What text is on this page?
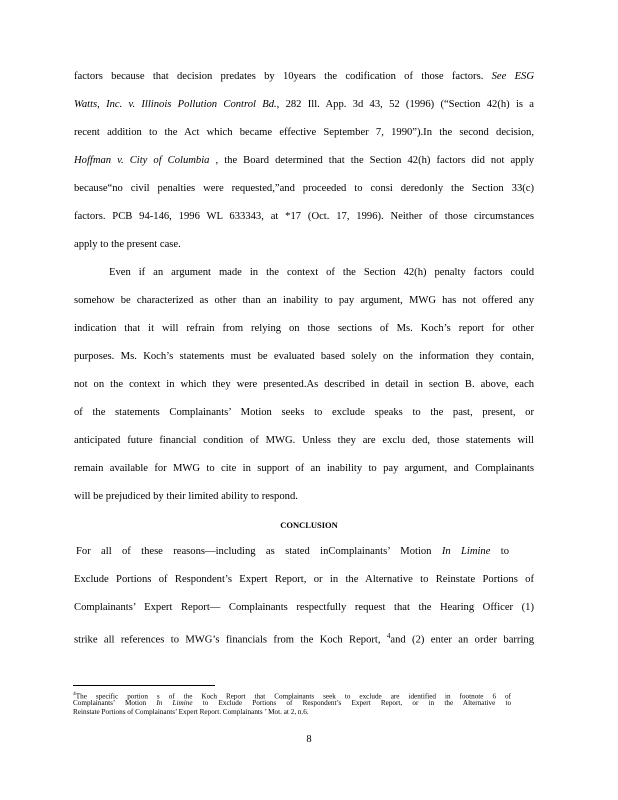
factors because that decision predates by 10years the codification of those factors. See ESG
Watts, Inc. v. Illinois Pollution Control Bd., 282 Ill. App. 3d 43, 52 (1996) (“Section 42(h) is a
recent addition to the Act which became effective September 7, 1990”).In the second decision,
Hoffman v. City of Columbia , the Board determined that the Section 42(h) factors did not apply
because“no civil penalties were requested,”and proceeded to consi deredonly the Section 33(c)
factors. PCB 94-146, 1996 WL 633343, at *17 (Oct. 17, 1996). Neither of those circumstances
apply to the present case.
Even if an argument made in the context of the Section 42(h) penalty factors could
somehow be characterized as other than an inability to pay argument, MWG has not offered any
indication that it will refrain from relying on those sections of Ms. Koch’s report for other
purposes. Ms. Koch’s statements must be evaluated based solely on the information they contain,
not on the context in which they were presented.As described in detail in section B. above, each
of the statements Complainants’ Motion seeks to exclude speaks to the past, present, or
anticipated future financial condition of MWG. Unless they are exclu ded, those statements will
remain available for MWG to cite in support of an inability to pay argument, and Complainants
will be prejudiced by their limited ability to respond.
CONCLUSION
For all of these reasons—including as stated inComplainants’ Motion In Limine to
Exclude Portions of Respondent’s Expert Report, or in the Alternative to Reinstate Portions of
Complainants’ Expert Report— Complainants respectfully request that the Hearing Officer (1)
strike all references to MWG’s financials from the Koch Report, $^4$and (2) enter an order barring
$^4$The specific portion s of the Koch Report that Complainants seek to exclude are identified in footnote 6 of
Complainants’ Motion In Limine to Exclude Portions of Respondent’s Expert Report, or in the Alternative to
Reinstate Portions of Complainants’ Expert Report. Complainants ’ Mot. at 2, n.6.
8
